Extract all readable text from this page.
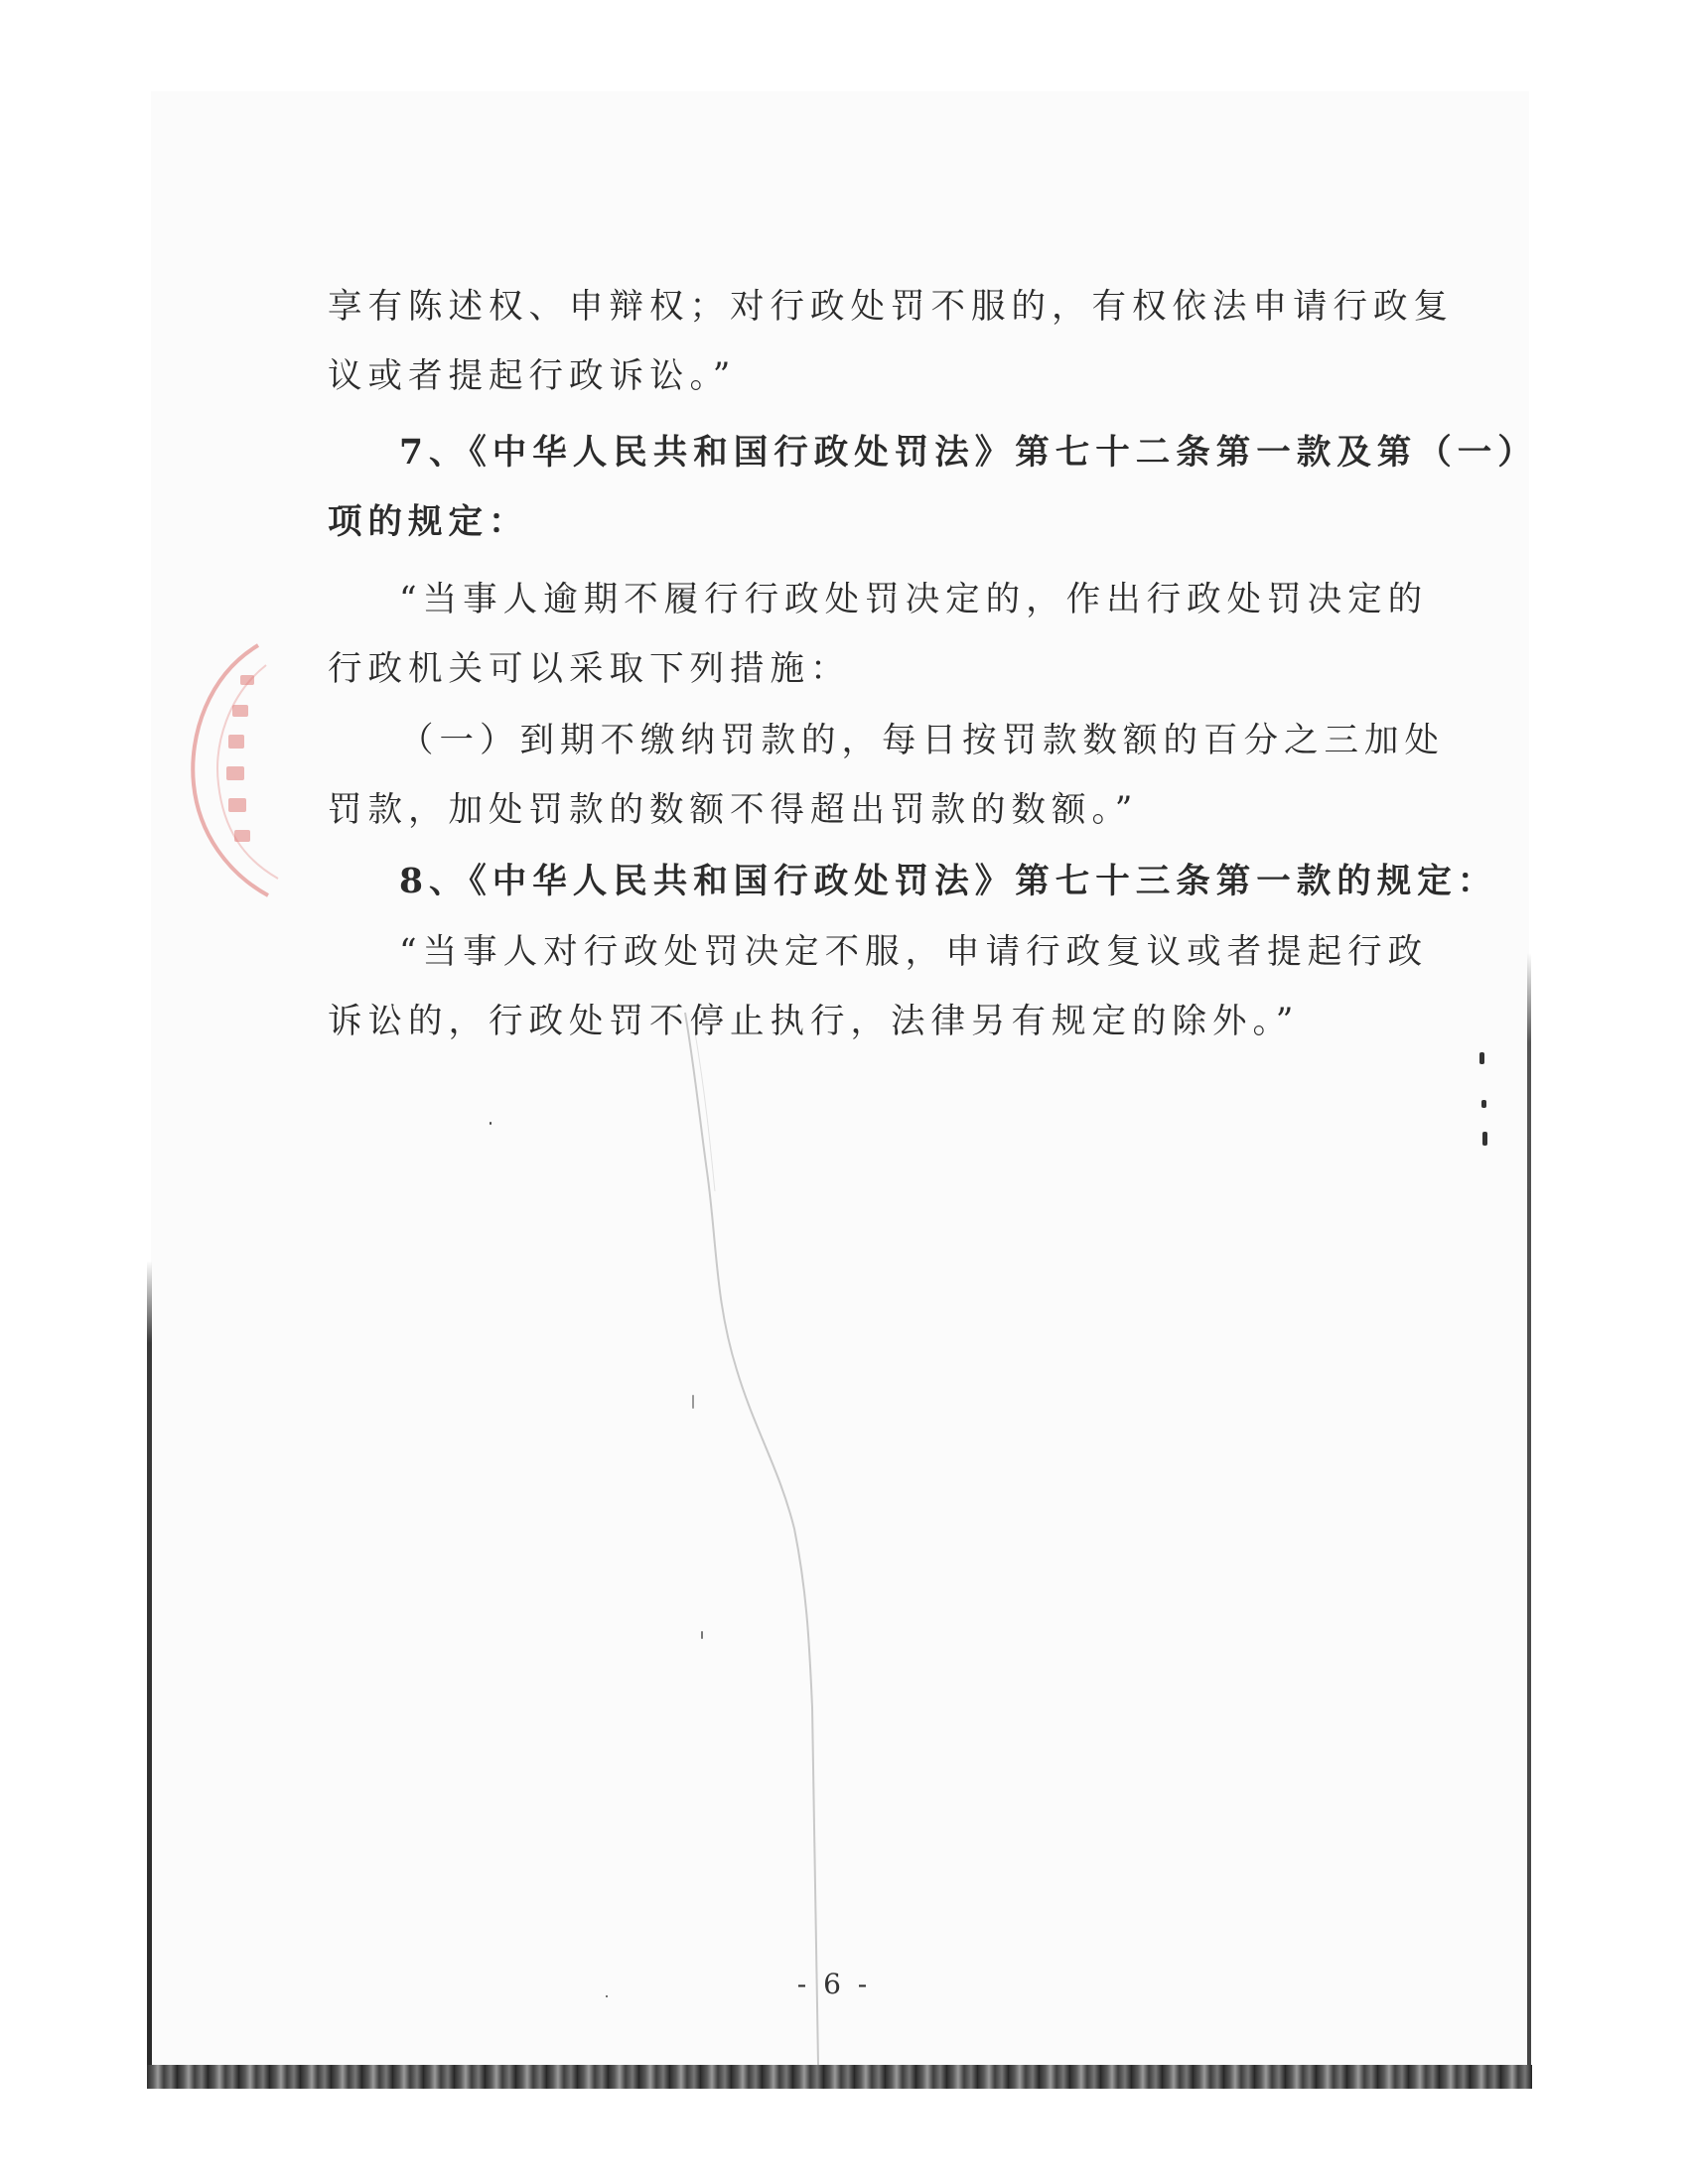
享有陈述权、申辩权；对行政处罚不服的，有权依法申请行政复
议或者提起行政诉讼。”
7、《中华人民共和国行政处罚法》第七十二条第一款及第（一）
项的规定：
“当事人逾期不履行行政处罚决定的，作出行政处罚决定的
行政机关可以采取下列措施：
（一）到期不缴纳罚款的，每日按罚款数额的百分之三加处
罚款，加处罚款的数额不得超出罚款的数额。”
8、《中华人民共和国行政处罚法》第七十三条第一款的规定：
“当事人对行政处罚决定不服，申请行政复议或者提起行政
诉讼的，行政处罚不停止执行，法律另有规定的除外。”
- 6 -
